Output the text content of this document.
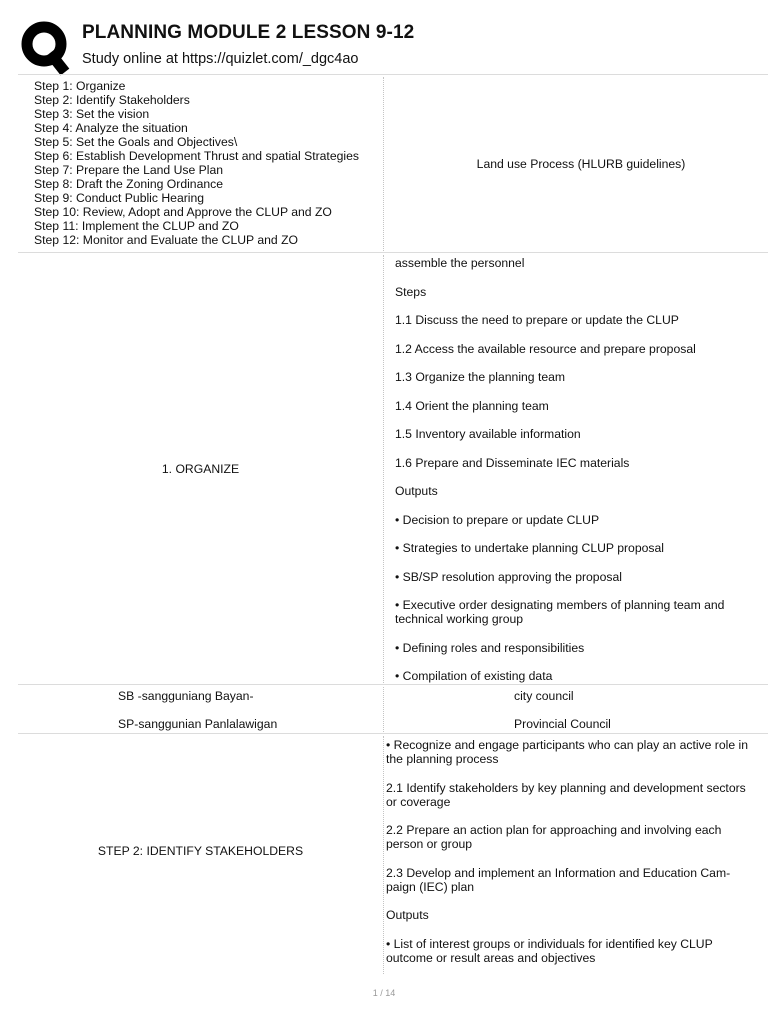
PLANNING MODULE 2 LESSON 9-12
Study online at https://quizlet.com/_dgc4ao
Step 1: Organize
Step 2: Identify Stakeholders
Step 3: Set the vision
Step 4: Analyze the situation
Step 5: Set the Goals and Objectives\
Step 6: Establish Development Thrust and spatial Strategies
Step 7: Prepare the Land Use Plan
Step 8: Draft the Zoning Ordinance
Step 9: Conduct Public Hearing
Step 10: Review, Adopt and Approve the CLUP and ZO
Step 11: Implement the CLUP and ZO
Step 12: Monitor and Evaluate the CLUP and ZO
Land use Process (HLURB guidelines)
1. ORGANIZE

assemble the personnel

Steps

1.1 Discuss the need to prepare or update the CLUP

1.2 Access the available resource and prepare proposal

1.3 Organize the planning team

1.4 Orient the planning team

1.5 Inventory available information

1.6 Prepare and Disseminate IEC materials

Outputs

• Decision to prepare or update CLUP

• Strategies to undertake planning CLUP proposal

• SB/SP resolution approving the proposal

• Executive order designating members of planning team and technical working group

• Defining roles and responsibilities

• Compilation of existing data

SB -sangguniang Bayan-
SP-sanggunian Panlalawigan
city council
Provincial Council
STEP 2: IDENTIFY STAKEHOLDERS

• Recognize and engage participants who can play an active role in the planning process

2.1 Identify stakeholders by key planning and development sectors or coverage

2.2 Prepare an action plan for approaching and involving each person or group

2.3 Develop and implement an Information and Education Cam-paign (IEC) plan

Outputs

• List of interest groups or individuals for identified key CLUP outcome or result areas and objectives

1 / 14
